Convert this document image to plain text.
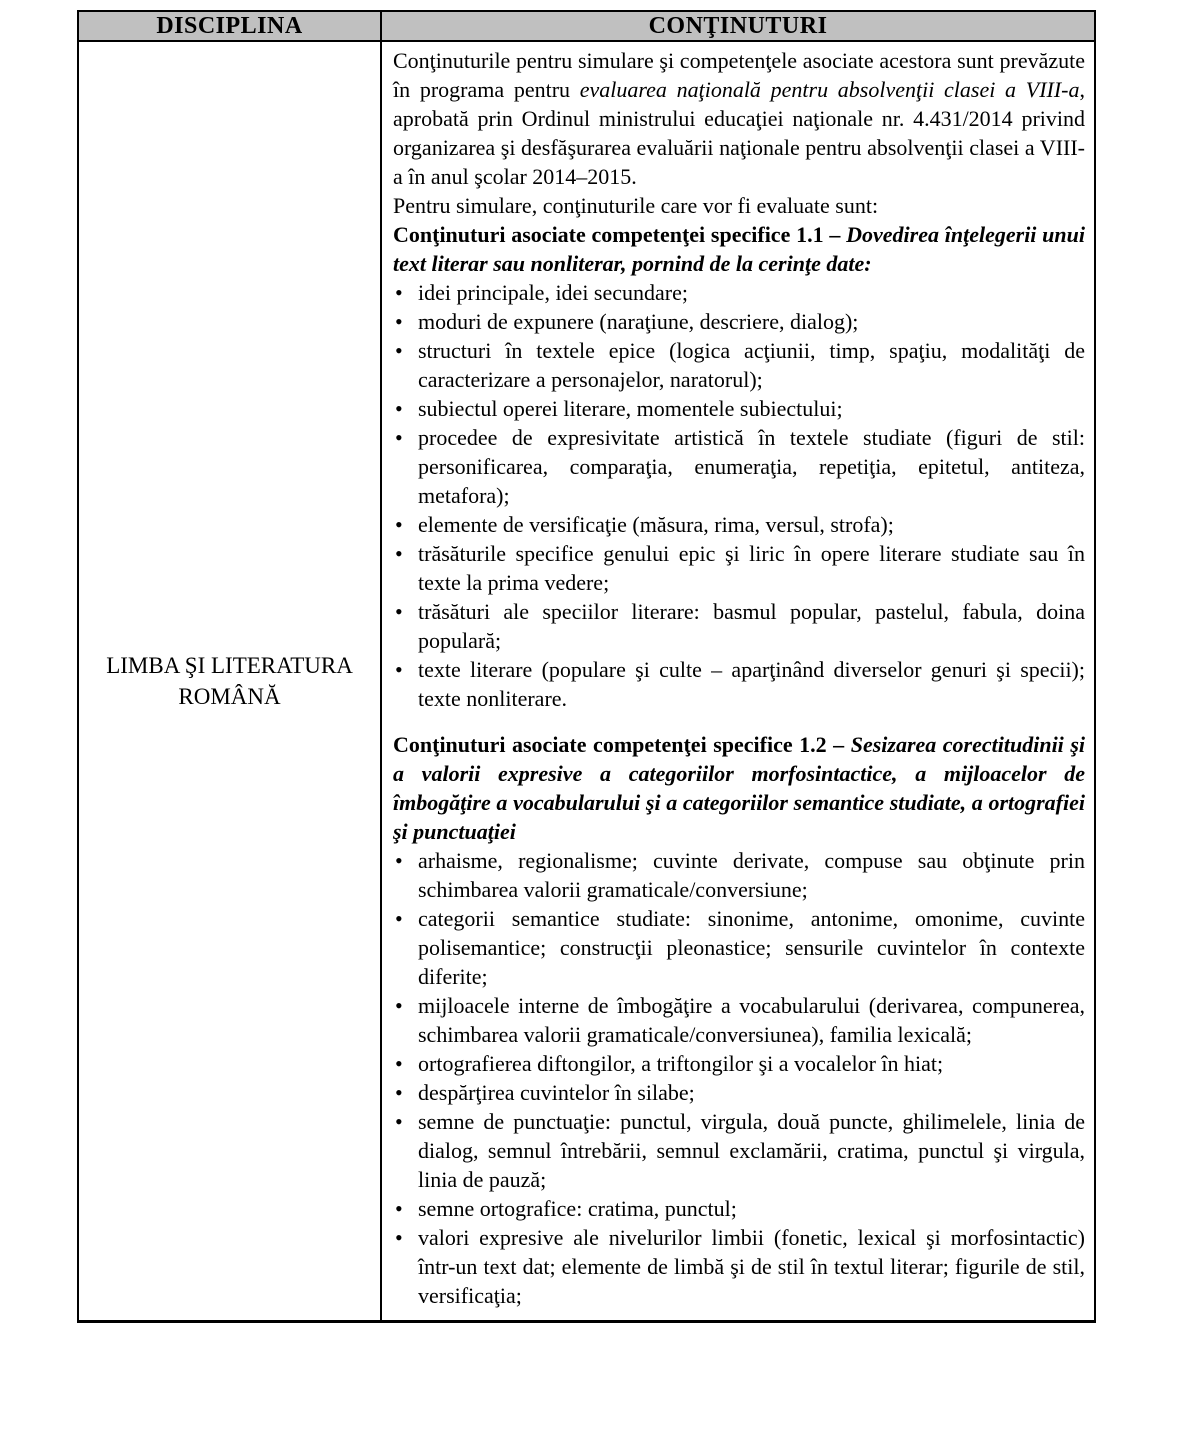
DISCIPLINA	CONŢINUTURI
LIMBA ŞI LITERATURA ROMÂNĂ

Conţinuturile pentru simulare şi competenţele asociate acestora sunt prevăzute în programa pentru evaluarea naţională pentru absolvenţii clasei a VIII-a, aprobată prin Ordinul ministrului educaţiei naţionale nr. 4.431/2014 privind organizarea şi desfăşurarea evaluării naţionale pentru absolvenţii clasei a VIII-a în anul şcolar 2014–2015.

Pentru simulare, conţinuturile care vor fi evaluate sunt:

Conţinuturi asociate competenţei specifice 1.1 – Dovedirea înţelegerii unui text literar sau nonliterar, pornind de la cerinţe date:

• idei principale, idei secundare;
• moduri de expunere (naraţiune, descriere, dialog);
• structuri în textele epice (logica acţiunii, timp, spaţiu, modalităţi de caracterizare a personajelor, naratorul);
• subiectul operei literare, momentele subiectului;
• procedee de expresivitate artistică în textele studiate (figuri de stil: personificarea, comparaţia, enumeraţia, repetiţia, epitetul, antiteza, metafora);
• elemente de versificaţie (măsura, rima, versul, strofa);
• trăsăturile specifice genului epic şi liric în opere literare studiate sau în texte la prima vedere;
• trăsături ale speciilor literare: basmul popular, pastelul, fabula, doina populară;
• texte literare (populare şi culte – aparţinând diverselor genuri şi specii); texte nonliterare.

Conţinuturi asociate competenţei specifice 1.2 – Sesizarea corectitudinii şi a valorii expresive a categoriilor morfosintactice, a mijloacelor de îmbogăţire a vocabularului şi a categoriilor semantice studiate, a ortografiei şi punctuaţiei

• arhaisme, regionalisme; cuvinte derivate, compuse sau obţinute prin schimbarea valorii gramaticale/conversiune;
• categorii semantice studiate: sinonime, antonime, omonime, cuvinte polisemantice; construcţii pleonastice; sensurile cuvintelor în contexte diferite;
• mijloacele interne de îmbogăţire a vocabularului (derivarea, compunerea, schimbarea valorii gramaticale/conversiunea), familia lexicală;
• ortografierea diftongilor, a triftongilor şi a vocalelor în hiat;
• despărţirea cuvintelor în silabe;
• semne de punctuaţie: punctul, virgula, două puncte, ghilimelele, linia de dialog, semnul întrebării, semnul exclamării, cratima, punctul şi virgula, linia de pauză;
• semne ortografice: cratima, punctul;
• valori expresive ale nivelurilor limbii (fonetic, lexical şi morfosintactic) într-un text dat; elemente de limbă şi de stil în textul literar; figurile de stil, versificaţia;
